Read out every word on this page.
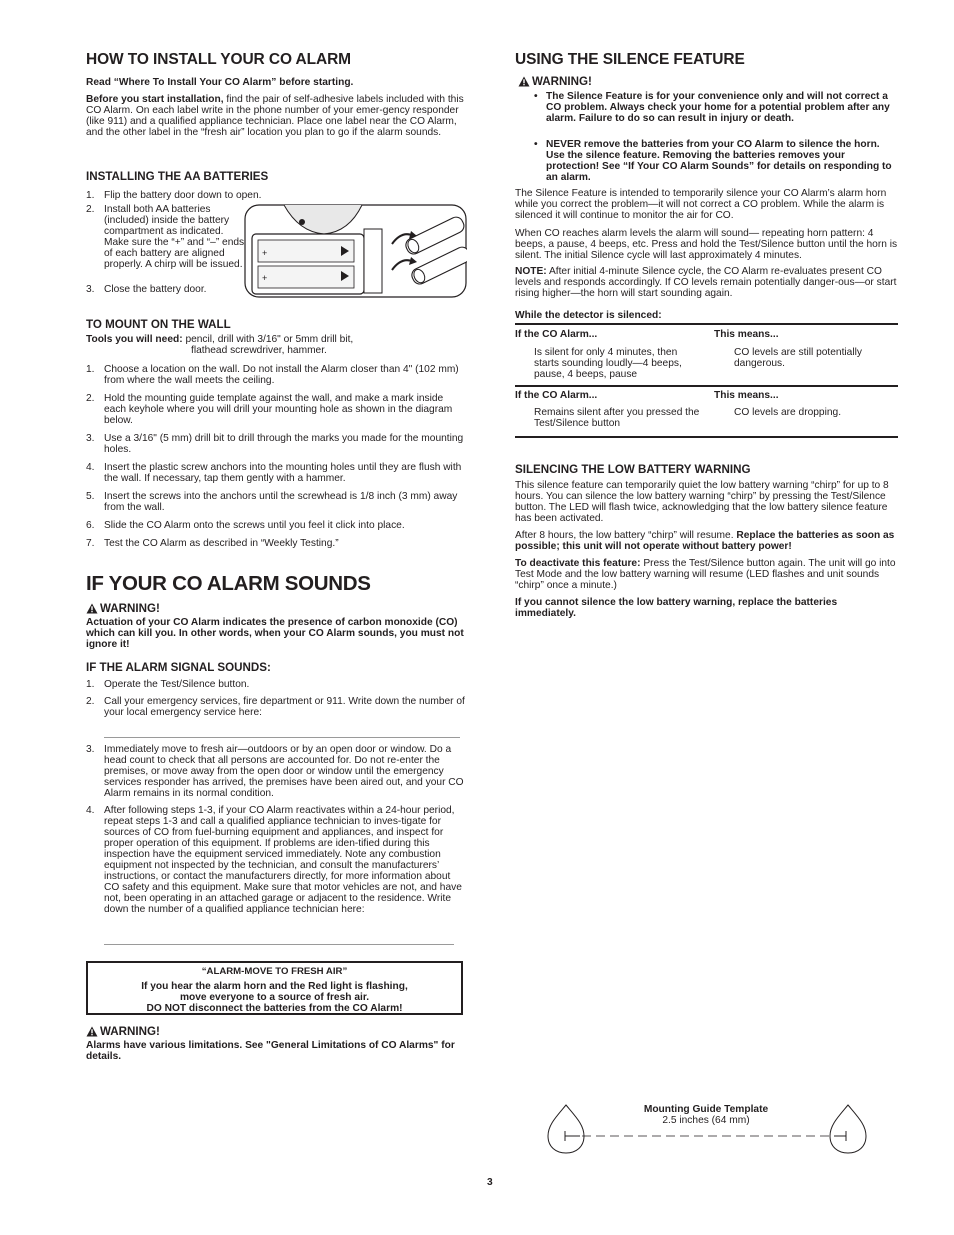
HOW TO INSTALL YOUR CO ALARM

Read “Where To Install Your CO Alarm” before starting.

Before you start installation, find the pair of self-adhesive labels included with this CO Alarm. On each label write in the phone number of your emer-gency responder (like 911) and a qualified appliance technician. Place one label near the CO Alarm, and the other label in the “fresh air” location you plan to go if the alarm sounds.

INSTALLING THE AA BATTERIES
1. Flip the battery door down to open.
2. Install both AA batteries (included) inside the battery compartment as indicated. Make sure the “+” and “–” ends of each battery are aligned properly. A chirp will be issued.
3. Close the battery door.
+
+
TO MOUNT ON THE WALL

Tools you will need: pencil, drill with 3/16" or 5mm drill bit,

flathead screwdriver, hammer.

1. Choose a location on the wall. Do not install the Alarm closer than 4" (102 mm) from where the wall meets the ceiling.
2. Hold the mounting guide template against the wall, and make a mark inside each keyhole where you will drill your mounting hole as shown in the diagram below.
3. Use a 3/16" (5 mm) drill bit to drill through the marks you made for the mounting holes.
4. Insert the plastic screw anchors into the mounting holes until they are flush with the wall. If necessary, tap them gently with a hammer.
5. Insert the screws into the anchors until the screwhead is 1/8 inch (3 mm) away from the wall.
6. Slide the CO Alarm onto the screws until you feel it click into place.
7. Test the CO Alarm as described in “Weekly Testing.”
IF YOUR CO ALARM SOUNDS
WARNING!

Actuation of your CO Alarm indicates the presence of carbon monoxide (CO) which can kill you. In other words, when your CO Alarm sounds, you must not ignore it!

IF THE ALARM SIGNAL SOUNDS:
1. Operate the Test/Silence button.
2. Call your emergency services, fire department or 911. Write down the number of your local emergency service here:
3. Immediately move to fresh air—outdoors or by an open door or window. Do a head count to check that all persons are accounted for. Do not re-enter the premises, or move away from the open door or window until the emergency services responder has arrived, the premises have been aired out, and your CO Alarm remains in its normal condition.
4. After following steps 1-3, if your CO Alarm reactivates within a 24-hour period, repeat steps 1-3 and call a qualified appliance technician to inves-tigate for sources of CO from fuel-burning equipment and appliances, and inspect for proper operation of this equipment. If problems are iden-tified during this inspection have the equipment serviced immediately. Note any combustion equipment not inspected by the technician, and consult the manufacturers’ instructions, or contact the manufacturers directly, for more information about CO safety and this equipment. Make sure that motor vehicles are not, and have not, been operating in an attached garage or adjacent to the residence. Write down the number of a qualified appliance technician here:
“ALARM-MOVE TO FRESH AIR”
If you hear the alarm horn and the Red light is flashing,
move everyone to a source of fresh air.
DO NOT disconnect the batteries from the CO Alarm!
WARNING!

Alarms have various limitations. See "General Limitations of CO Alarms" for details.

USING THE SILENCE FEATURE
WARNING!
• The Silence Feature is for your convenience only and will not correct a CO problem. Always check your home for a potential problem after any alarm. Failure to do so can result in injury or death.
• NEVER remove the batteries from your CO Alarm to silence the horn. Use the silence feature. Removing the batteries removes your protection! See “If Your CO Alarm Sounds” for details on responding to an alarm.

The Silence Feature is intended to temporarily silence your CO Alarm’s alarm horn while you correct the problem—it will not correct a CO problem. While the alarm is silenced it will continue to monitor the air for CO.

When CO reaches alarm levels the alarm will sound— repeating horn pattern: 4 beeps, a pause, 4 beeps, etc. Press and hold the Test/Silence button until the horn is silent. The initial Silence cycle will last approximately 4 minutes.

NOTE: After initial 4-minute Silence cycle, the CO Alarm re-evaluates present CO levels and responds accordingly. If CO levels remain potentially danger-ous—or start rising higher—the horn will start sounding again.

While the detector is silenced:
If the CO Alarm...	This means...
Is silent for only 4 minutes, then starts sounding loudly—4 beeps, pause, 4 beeps, pause
CO levels are still potentially dangerous.
If the CO Alarm...	This means...
Remains silent after you pressed the Test/Silence button
CO levels are dropping.
SILENCING THE LOW BATTERY WARNING

This silence feature can temporarily quiet the low battery warning “chirp” for up to 8 hours. You can silence the low battery warning “chirp” by pressing the Test/Silence button. The LED will flash twice, acknowledging that the low battery silence feature has been activated.

After 8 hours, the low battery “chirp” will resume. Replace the batteries as soon as possible; this unit will not operate without battery power!

To deactivate this feature: Press the Test/Silence button again. The unit will go into Test Mode and the low battery warning will resume (LED flashes and unit sounds “chirp” once a minute.)

If you cannot silence the low battery warning, replace the batteries immediately.

Mounting Guide Template
2.5 inches (64 mm)
3
